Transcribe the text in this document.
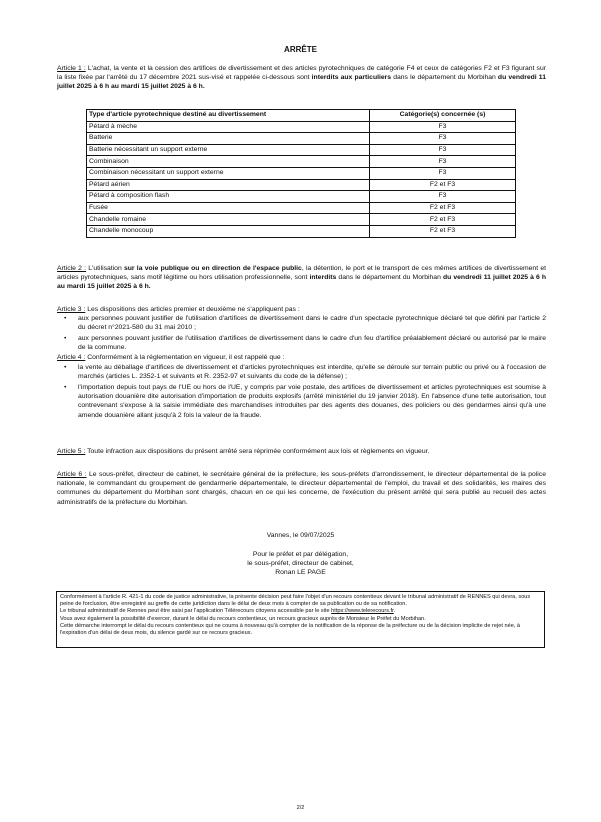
ARRÊTE
Article 1 : L'achat, la vente et la cession des artifices de divertissement et des articles pyrotechniques de catégorie F4 et ceux de catégories F2 et F3 figurant sur la liste fixée par l'arrêté du 17 décembre 2021 sus-visé et rappelée ci-dessous sont interdits aux particuliers dans le département du Morbihan du vendredi 11 juillet 2025 à 6 h au mardi 15 juillet 2025 à 6 h.
Type d'article pyrotechnique destiné au divertissement	Catégorie(s) concernée (s)
Pétard à mèche	F3
Batterie	F3
Batterie nécessitant un support externe	F3
Combinaison	F3
Combinaison nécessitant un support externe	F3
Pétard aérien	F2 et F3
Pétard à composition flash	F3
Fusée	F2 et F3
Chandelle romaine	F2 et F3
Chandelle monocoup	F2 et F3
Article 2 : L'utilisation sur la voie publique ou en direction de l'espace public, la détention, le port et le transport de ces mêmes artifices de divertissement et articles pyrotechniques, sans motif légitime ou hors utilisation professionnelle, sont interdits dans le département du Morbihan du vendredi 11 juillet 2025 à 6 h au mardi 15 juillet 2025 à 6 h.
Article 3 : Les dispositions des articles premier et deuxième ne s'appliquent pas :
• aux personnes pouvant justifier de l'utilisation d'artifices de divertissement dans le cadre d'un spectacle pyrotechnique déclaré tel que défini par l'article 2 du décret n°2021-580 du 31 mai 2010 ;
• aux personnes pouvant justifier de l'utilisation d'artifices de divertissement dans le cadre d'un feu d'artifice préalablement déclaré ou autorisé par le maire de la commune.
Article 4 : Conformément à la réglementation en vigueur, il est rappelé que :
• la vente au déballage d'artifices de divertissement et d'articles pyrotechniques est interdite, qu'elle se déroule sur terrain public ou privé ou à l'occasion de marchés (articles L. 2352-1 et suivants et R. 2352-97 et suivants du code de la défense) ;
• l'importation depuis tout pays de l'UE ou hors de l'UE, y compris par voie postale, des artifices de divertissement et articles pyrotechniques est soumise à autorisation douanière dite autorisation d'importation de produits explosifs (arrêté ministériel du 19 janvier 2018). En l'absence d'une telle autorisation, tout contrevenant s'expose à la saisie immédiate des marchandises introduites par des agents des douanes, des policiers ou des gendarmes ainsi qu'à une amende douanière allant jusqu'à 2 fois la valeur de la fraude.
Article 5 : Toute infraction aux dispositions du présent arrêté sera réprimée conformément aux lois et règlements en vigueur.
Article 6 : Le sous-préfet, directeur de cabinet, le secrétaire général de la préfecture, les sous-préfets d'arrondissement, le directeur départemental de la police nationale, le commandant du groupement de gendarmerie départementale, le directeur départemental de l'emploi, du travail et des solidarités, les maires des communes du département du Morbihan sont chargés, chacun en ce qui les concerne, de l'exécution du présent arrêté qui sera publié au recueil des actes administratifs de la préfecture du Morbihan.
Vannes, le 09/07/2025
Pour le préfet et par délégation,
le sous-préfet, directeur de cabinet,
Ronan LE PAGE

Conformément à l'article R. 421-1 du code de justice administrative, la présente décision peut faire l'objet d'un recours contentieux devant le tribunal administratif de RENNES qui devra, sous peine de forclusion, être enregistré au greffe de cette juridiction dans le délai de deux mois à compter de sa publication ou de sa notification.

Le tribunal administratif de Rennes peut être saisi par l'application Télérecours citoyens accessible par le site https://www.telerecours.fr.

Vous avez également la possibilité d'exercer, durant le délai du recours contentieux, un recours gracieux auprès de Monsieur le Préfet du Morbihan.

Cette démarche interrompt le délai du recours contentieux qui ne courra à nouveau qu'à compter de la notification de la réponse de la préfecture ou de la décision implicite de rejet née, à l'expiration d'un délai de deux mois, du silence gardé sur ce recours gracieux.

2/2
